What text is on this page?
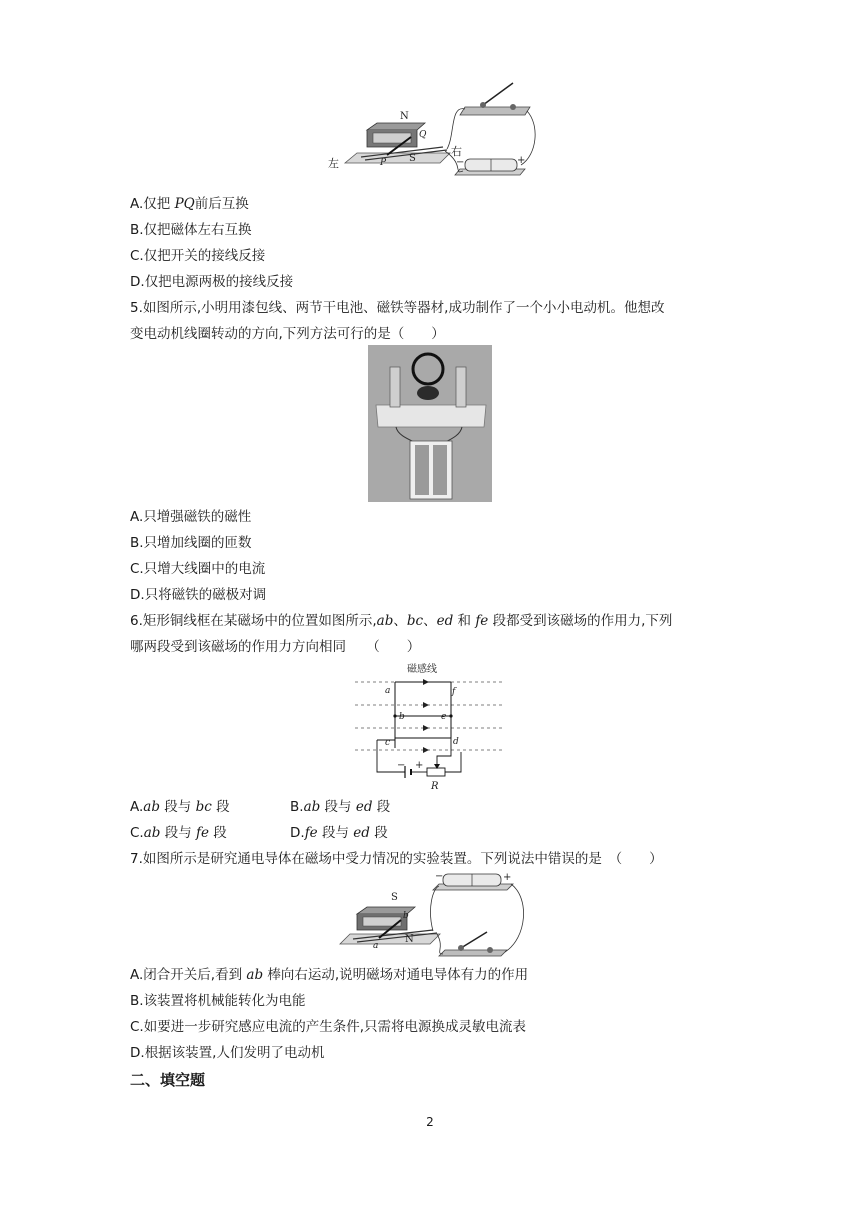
N
Q
P S
左
右
−	+
A.仅把 PQ前后互换
B.仅把磁体左右互换
C.仅把开关的接线反接
D.仅把电源两极的接线反接
5.如图所示,小明用漆包线、两节干电池、磁铁等器材,成功制作了一个小小电动机。他想改
变电动机线圈转动的方向,下列方法可行的是（　　）
A.只增强磁铁的磁性
B.只增加线圈的匝数
C.只增大线圈中的电流
D.只将磁铁的磁极对调
6.矩形铜线框在某磁场中的位置如图所示,ab、bc、ed 和 fe 段都受到该磁场的作用力,下列
哪两段受到该磁场的作用力方向相同　　（　　）
磁感线
a
b
c	d
e
f
R
− +
A.ab 段与 bc 段	B.ab 段与 ed 段
C.ab 段与 fe 段	D.fe 段与 ed 段
7.如图所示是研究通电导体在磁场中受力情况的实验装置。下列说法中错误的是　（　　）
−	+
S
N
a
b
A.闭合开关后,看到 ab 棒向右运动,说明磁场对通电导体有力的作用
B.该装置将机械能转化为电能
C.如要进一步研究感应电流的产生条件,只需将电源换成灵敏电流表
D.根据该装置,人们发明了电动机
二、填空题
2
